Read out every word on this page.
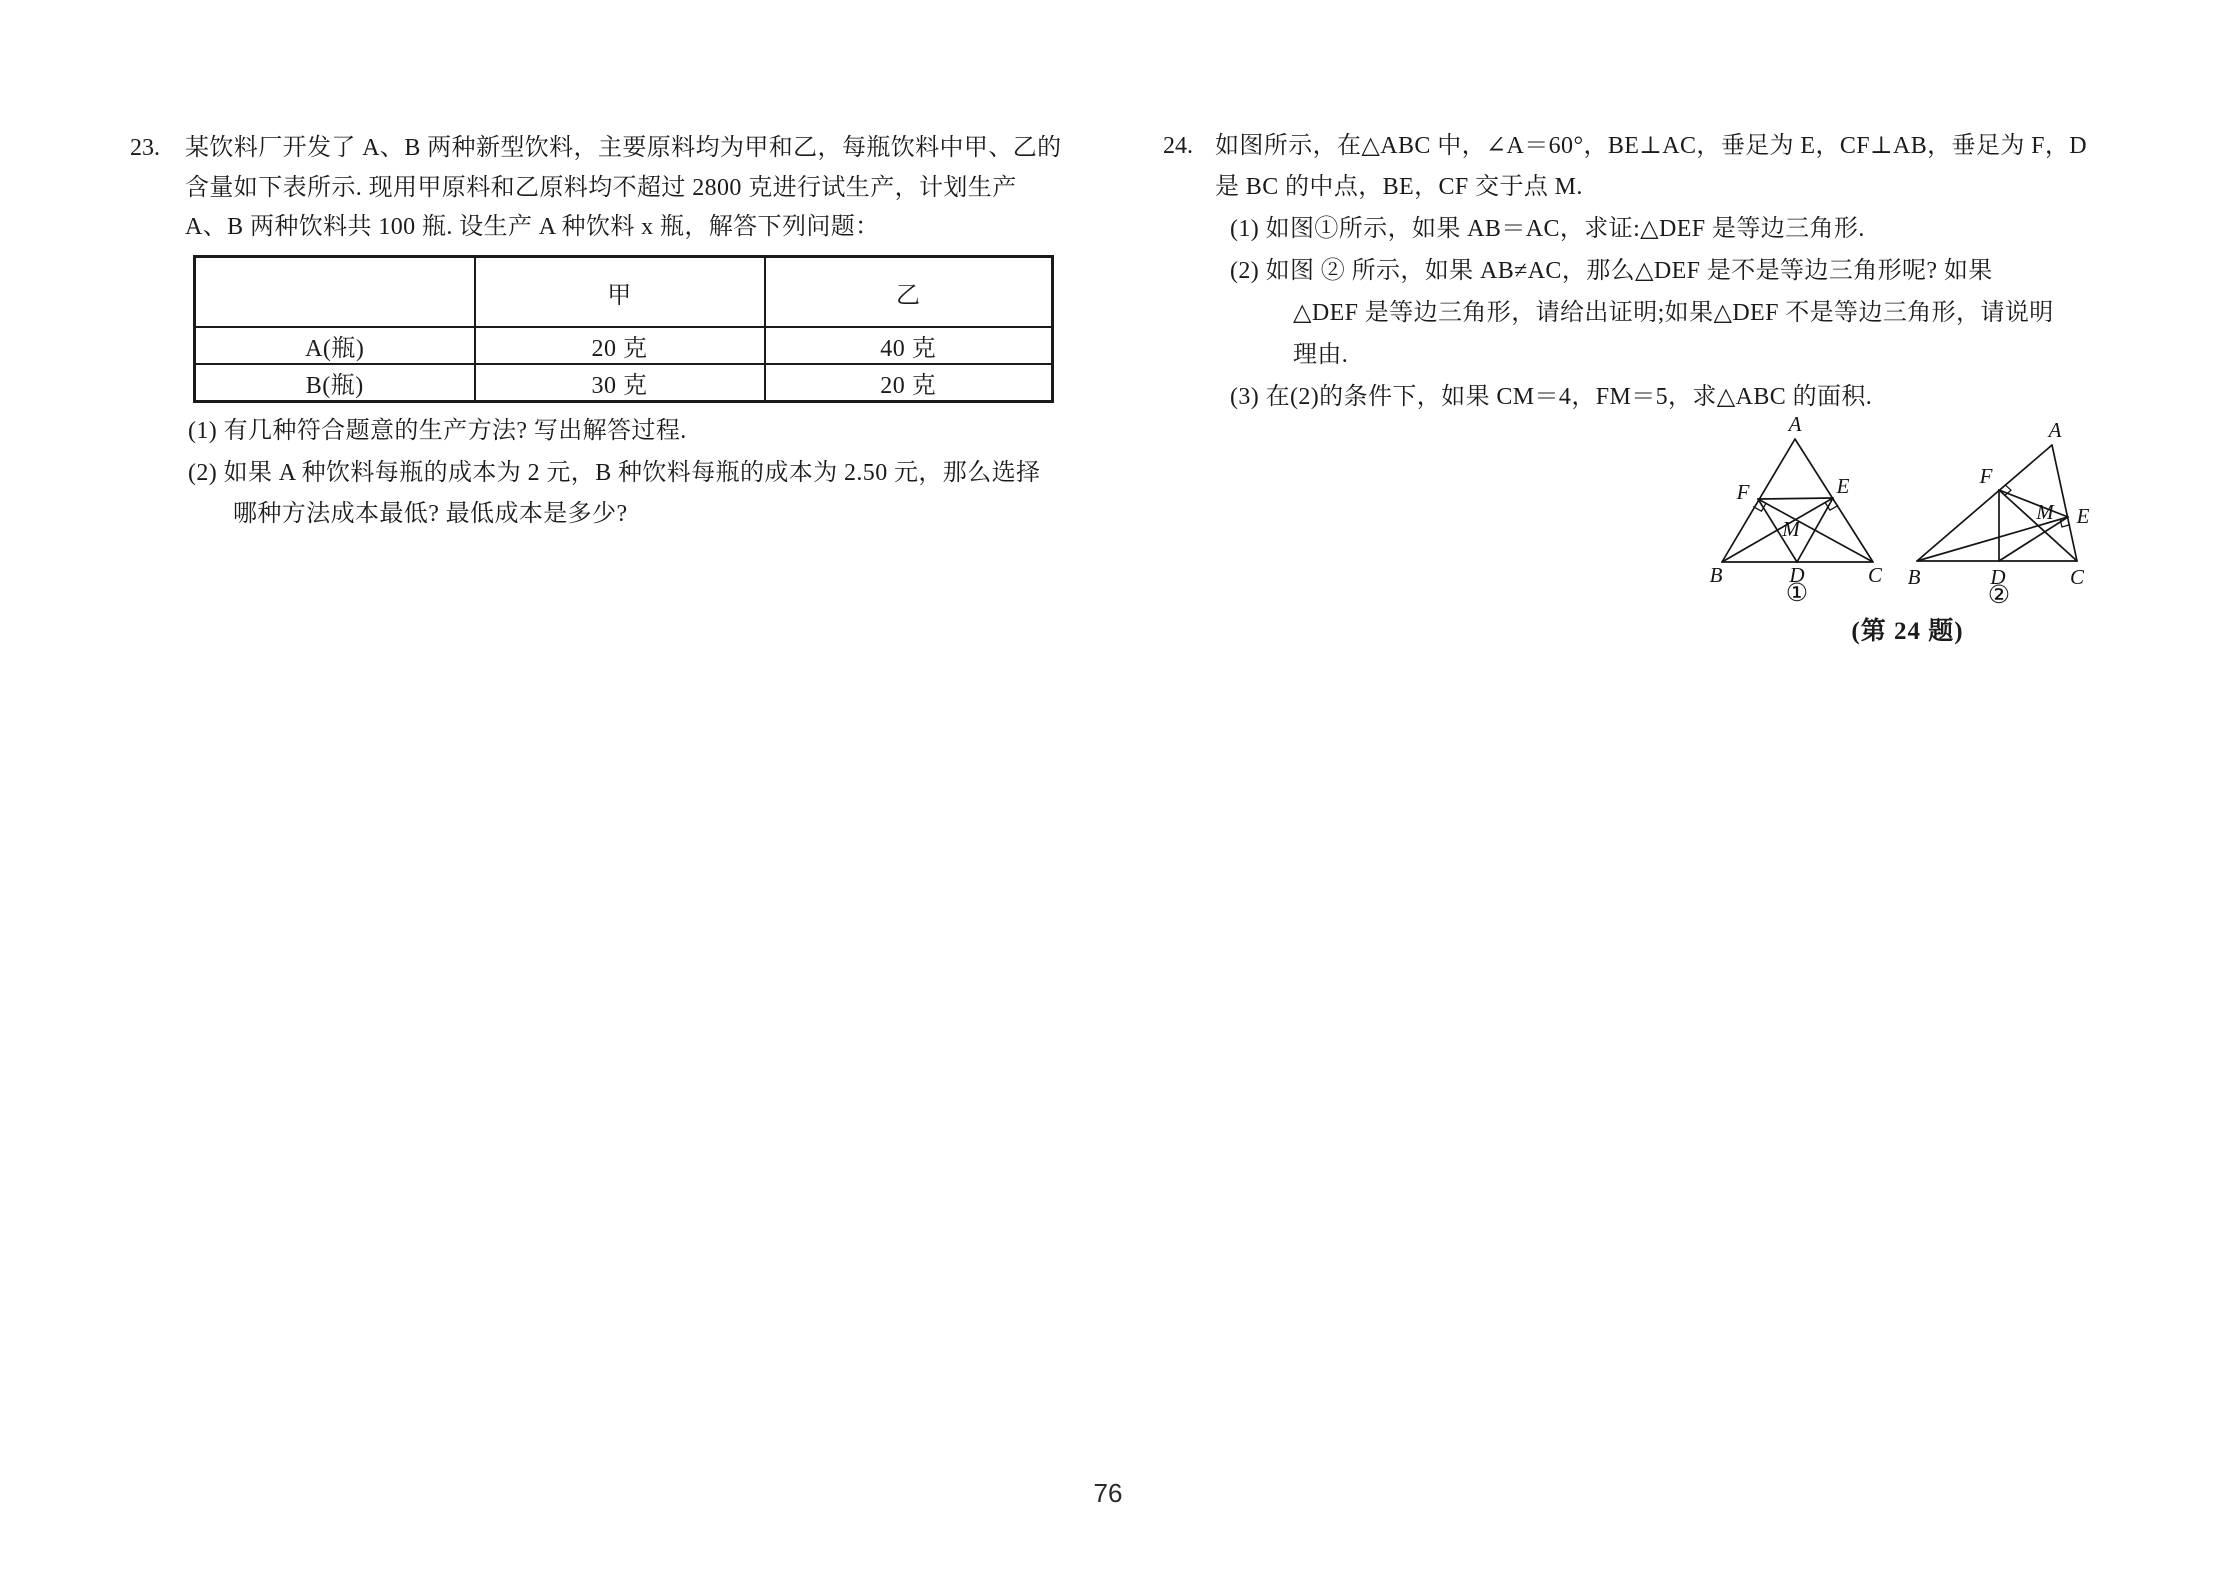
23. 某饮料厂开发了 A、B 两种新型饮料，主要原料均为甲和乙，每瓶饮料中甲、乙的
含量如下表所示. 现用甲原料和乙原料均不超过 2800 克进行试生产，计划生产
A、B 两种饮料共 100 瓶. 设生产 A 种饮料 x 瓶，解答下列问题：
	甲	乙
A(瓶)	20 克	40 克
B(瓶)	30 克	20 克
(1) 有几种符合题意的生产方法? 写出解答过程.
(2) 如果 A 种饮料每瓶的成本为 2 元，B 种饮料每瓶的成本为 2.50 元，那么选择
哪种方法成本最低? 最低成本是多少?
24. 如图所示，在△ABC 中，∠A＝60°，BE⊥AC，垂足为 E，CF⊥AB，垂足为 F，D
是 BC 的中点，BE，CF 交于点 M.
(1) 如图①所示，如果 AB＝AC，求证:△DEF 是等边三角形.
(2) 如图 ② 所示，如果 AB≠AC，那么△DEF 是不是等边三角形呢? 如果
△DEF 是等边三角形，请给出证明;如果△DEF 不是等边三角形，请说明
理由.
(3) 在(2)的条件下，如果 CM＝4，FM＝5，求△ABC 的面积.
A
B	C
D
E
F
M
①
A
B	C
D
E
F
M
②
(第 24 题)
76
